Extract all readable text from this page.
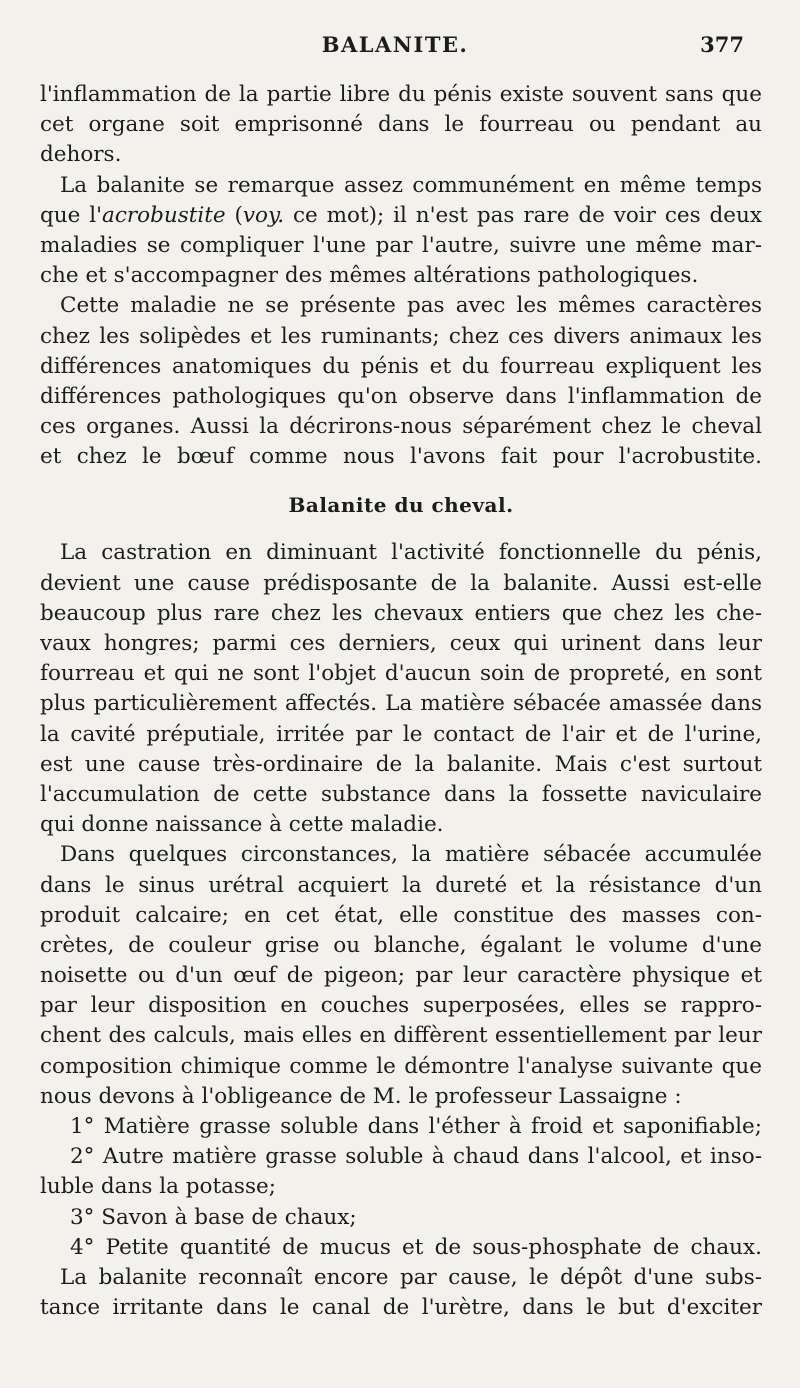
BALANITE.	377
l'inflammation de la partie libre du pénis existe souvent sans que
cet organe soit emprisonné dans le fourreau ou pendant au
dehors.
La balanite se remarque assez communément en même temps
que l'acrobustite (voy. ce mot); il n'est pas rare de voir ces deux
maladies se compliquer l'une par l'autre, suivre une même mar-
che et s'accompagner des mêmes altérations pathologiques.
Cette maladie ne se présente pas avec les mêmes caractères
chez les solipèdes et les ruminants; chez ces divers animaux les
différences anatomiques du pénis et du fourreau expliquent les
différences pathologiques qu'on observe dans l'inflammation de
ces organes. Aussi la décrirons-nous séparément chez le cheval
et chez le bœuf comme nous l'avons fait pour l'acrobustite.
Balanite du cheval.
La castration en diminuant l'activité fonctionnelle du pénis,
devient une cause prédisposante de la balanite. Aussi est-elle
beaucoup plus rare chez les chevaux entiers que chez les che-
vaux hongres; parmi ces derniers, ceux qui urinent dans leur
fourreau et qui ne sont l'objet d'aucun soin de propreté, en sont
plus particulièrement affectés. La matière sébacée amassée dans
la cavité préputiale, irritée par le contact de l'air et de l'urine,
est une cause très-ordinaire de la balanite. Mais c'est surtout
l'accumulation de cette substance dans la fossette naviculaire
qui donne naissance à cette maladie.
Dans quelques circonstances, la matière sébacée accumulée
dans le sinus urétral acquiert la dureté et la résistance d'un
produit calcaire; en cet état, elle constitue des masses con-
crètes, de couleur grise ou blanche, égalant le volume d'une
noisette ou d'un œuf de pigeon; par leur caractère physique et
par leur disposition en couches superposées, elles se rappro-
chent des calculs, mais elles en diffèrent essentiellement par leur
composition chimique comme le démontre l'analyse suivante que
nous devons à l'obligeance de M. le professeur Lassaigne :
1° Matière grasse soluble dans l'éther à froid et saponifiable;
2° Autre matière grasse soluble à chaud dans l'alcool, et inso-
luble dans la potasse;
3° Savon à base de chaux;
4° Petite quantité de mucus et de sous-phosphate de chaux.
La balanite reconnaît encore par cause, le dépôt d'une subs-
tance irritante dans le canal de l'urètre, dans le but d'exciter
